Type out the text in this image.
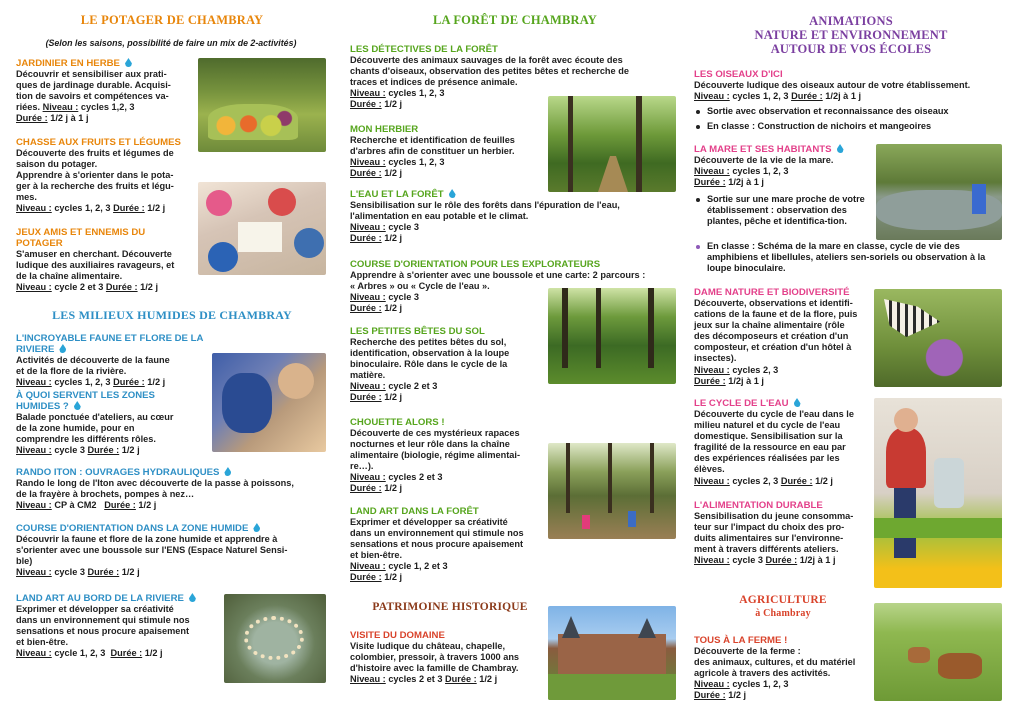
LE POTAGER DE CHAMBRAY
(Selon les saisons, possibilité de faire un mix de 2-activités)
JARDINIER EN HERBE
Découvrir et sensibiliser aux prati-
ques de jardinage durable. Acquisi-
tion de savoirs et compétences va-
riées. Niveau : cycles 1,2, 3
Durée : 1/2 j à 1 j
CHASSE AUX FRUITS ET LÉGUMES
Découverte des fruits et légumes de
saison du potager.
Apprendre à s'orienter dans le pota-
ger à la recherche des fruits et légu-
mes.
Niveau : cycles 1, 2, 3 Durée : 1/2 j
JEUX AMIS ET ENNEMIS DU POTAGER
S'amuser en cherchant. Découverte
ludique des auxiliaires ravageurs, et
de la chaîne alimentaire.
Niveau : cycle 2 et 3 Durée : 1/2 j
LES MILIEUX HUMIDES DE CHAMBRAY
L'INCROYABLE FAUNE ET FLORE DE LA RIVIERE
Activités de découverte de la faune
et de la flore de la rivière.
Niveau : cycles 1, 2, 3 Durée : 1/2 j
À QUOI SERVENT LES ZONES HUMIDES ?
Balade ponctuée d'ateliers, au cœur
de la zone humide, pour en
comprendre les différents rôles.
Niveau : cycle 3 Durée : 1/2 j
RANDO ITON : OUVRAGES HYDRAULIQUES
Rando le long de l'Iton avec découverte de la passe à poissons,
de la frayère à brochets, pompes à nez…
Niveau : CP à CM2 Durée : 1/2 j
COURSE D'ORIENTATION DANS LA ZONE HUMIDE
Découvrir la faune et flore de la zone humide et apprendre à
s'orienter avec une boussole sur l'ENS (Espace Naturel Sensi-
ble)
Niveau : cycle 3 Durée : 1/2 j
LAND ART AU BORD DE LA RIVIERE
Exprimer et développer sa créativité
dans un environnement qui stimule nos
sensations et nous procure apaisement
et bien-être.
Niveau : cycle 1, 2, 3 Durée : 1/2 j
LA FORÊT DE CHAMBRAY
LES DÉTECTIVES DE LA FORÊT
Découverte des animaux sauvages de la forêt avec écoute des
chants d'oiseaux, observation des petites bêtes et recherche de
traces et indices de présence animale.
Niveau : cycles 1, 2, 3
Durée : 1/2 j
MON HERBIER
Recherche et identification de feuilles
d'arbres afin de constituer un herbier.
Niveau : cycles 1, 2, 3
Durée : 1/2 j
L'EAU ET LA FORÊT
Sensibilisation sur le rôle des forêts dans l'épuration de l'eau,
l'alimentation en eau potable et le climat.
Niveau : cycle 3
Durée : 1/2 j
COURSE D'ORIENTATION POUR LES EXPLORATEURS
Apprendre à s'orienter avec une boussole et une carte: 2 parcours :
« Arbres » ou « Cycle de l'eau ».
Niveau : cycle 3
Durée : 1/2 j
LES PETITES BÊTES DU SOL
Recherche des petites bêtes du sol,
identification, observation à la loupe
binoculaire. Rôle dans le cycle de la
matière.
Niveau : cycle 2 et 3
Durée : 1/2 j
CHOUETTE ALORS !
Découverte de ces mystérieux rapaces
nocturnes et leur rôle dans la chaîne
alimentaire (biologie, régime alimentai-
re…).
Niveau : cycles 2 et 3
Durée : 1/2 j
LAND ART DANS LA FORÊT
Exprimer et développer sa créativité
dans un environnement qui stimule nos
sensations et nous procure apaisement
et bien-être.
Niveau : cycle 1, 2 et 3
Durée : 1/2 j
PATRIMOINE HISTORIQUE
VISITE DU DOMAINE
Visite ludique du château, chapelle,
colombier, pressoir, à travers 1000 ans
d'histoire avec la famille de Chambray.
Niveau : cycles 2 et 3 Durée : 1/2 j
ANIMATIONS
NATURE ET ENVIRONNEMENT
AUTOUR DE VOS ÉCOLES
LES OISEAUX D'ICI
Découverte ludique des oiseaux autour de votre établissement.
Niveau : cycles 1, 2, 3 Durée : 1/2j à 1 j
Sortie avec observation et reconnaissance des oiseaux
En classe : Construction de nichoirs et mangeoires
LA MARE ET SES HABITANTS
Découverte de la vie de la mare.
Niveau : cycles 1, 2, 3
Durée : 1/2j à 1 j
Sortie sur une mare proche de votre établissement : observation des plantes, pêche et identifica-tion.
En classe : Schéma de la mare en classe, cycle de vie des amphibiens et libellules, ateliers sen-soriels ou observation à la loupe binoculaire.
DAME NATURE ET BIODIVERSITÉ
Découverte, observations et identifi-
cations de la faune et de la flore, puis
jeux sur la chaîne alimentaire (rôle
des décomposeurs et création d'un
composteur, et création d'un hôtel à
insectes).
Niveau : cycles 2, 3
Durée : 1/2j à 1 j
LE CYCLE DE L'EAU
Découverte du cycle de l'eau dans le
milieu naturel et du cycle de l'eau
domestique. Sensibilisation sur la
fragilité de la ressource en eau par
des expériences réalisées par les
élèves.
Niveau : cycles 2, 3 Durée : 1/2 j
L'ALIMENTATION DURABLE
Sensibilisation du jeune consomma-
teur sur l'impact du choix des pro-
duits alimentaires sur l'environne-
ment à travers différents ateliers.
Niveau : cycle 3 Durée : 1/2j à 1 j
AGRICULTURE
à Chambray
TOUS À LA FERME !
Découverte de la ferme :
des animaux, cultures, et du matériel
agricole à travers des activités.
Niveau : cycles 1, 2, 3
Durée : 1/2 j
